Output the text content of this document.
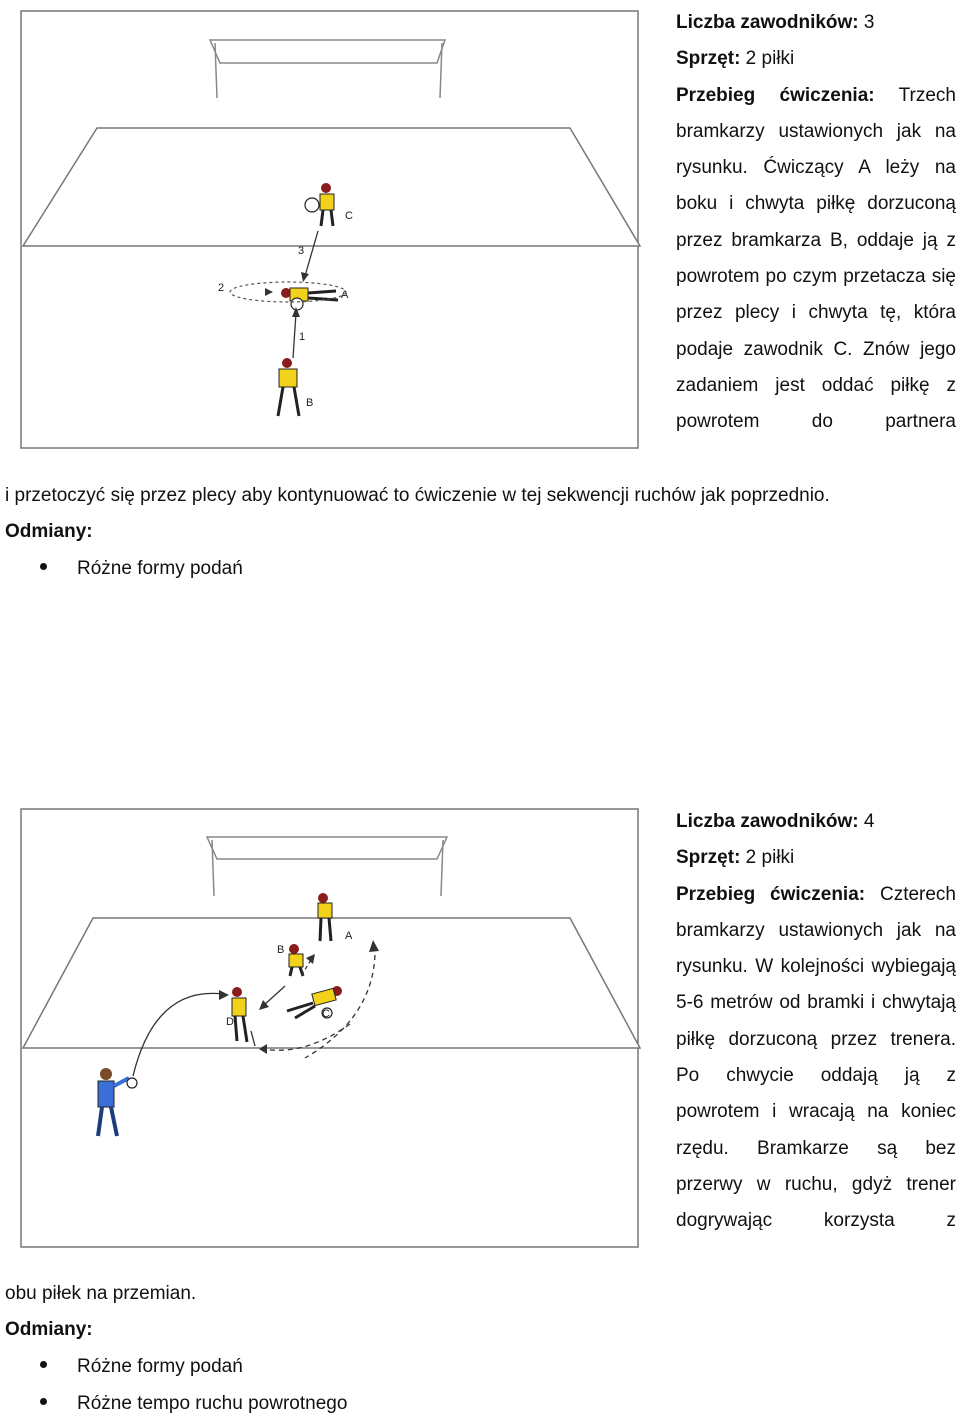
C
3
A
2
1
B

Liczba zawodników: 3

Sprzęt: 2 piłki

Przebieg ćwiczenia: Trzech bramkarzy ustawionych jak na rysunku. Ćwiczący A leży na boku i chwyta piłkę dorzuconą przez bramkarza B, oddaje ją z powrotem po czym przetacza się przez plecy i chwyta tę, która podaje zawodnik C. Znów jego zadaniem jest oddać piłkę z powrotem do partnera

i przetoczyć się przez plecy aby kontynuować to ćwiczenie w tej sekwencji ruchów jak poprzednio.
Odmiany:
Różne formy podań
A
B
C
D

Liczba zawodników: 4

Sprzęt: 2 piłki

Przebieg ćwiczenia: Czterech bramkarzy ustawionych jak na rysunku. W kolejności wybiegają 5-6 metrów od bramki i chwytają piłkę dorzuconą przez trenera. Po chwycie oddają ją z powrotem i wracają na koniec rzędu. Bramkarze są bez przerwy w ruchu, gdyż trener dogrywając korzysta z

obu piłek na przemian.
Odmiany:
Różne formy podań
Różne tempo ruchu powrotnego
